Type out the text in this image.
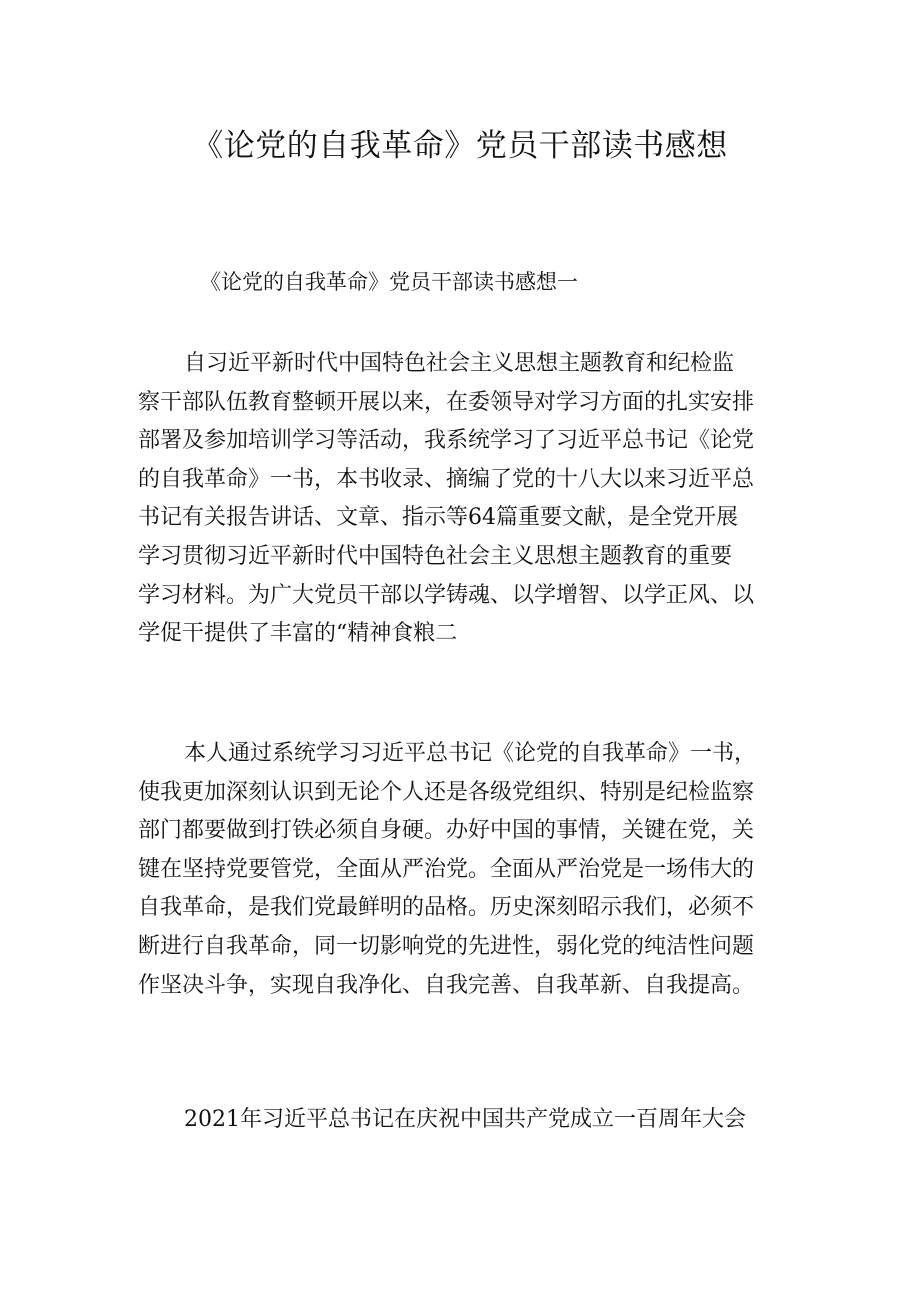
《论党的自我革命》党员干部读书感想

《论党的自我革命》党员干部读书感想一

自习近平新时代中国特色社会主义思想主题教育和纪检监
察干部队伍教育整顿开展以来，在委领导对学习方面的扎实安排
部署及参加培训学习等活动，我系统学习了习近平总书记《论党
的自我革命》一书，本书收录、摘编了党的十八大以来习近平总
书记有关报告讲话、文章、指示等64篇重要文献，是全党开展
学习贯彻习近平新时代中国特色社会主义思想主题教育的重要
学习材料。为广大党员干部以学铸魂、以学增智、以学正风、以
学促干提供了丰富的“精神食粮二

本人通过系统学习习近平总书记《论党的自我革命》一书，
使我更加深刻认识到无论个人还是各级党组织、特别是纪检监察
部门都要做到打铁必须自身硬。办好中国的事情，关键在党，关
键在坚持党要管党，全面从严治党。全面从严治党是一场伟大的
自我革命，是我们党最鲜明的品格。历史深刻昭示我们，必须不
断进行自我革命，同一切影响党的先进性，弱化党的纯洁性问题
作坚决斗争，实现自我净化、自我完善、自我革新、自我提高。

2021年习近平总书记在庆祝中国共产党成立一百周年大会
